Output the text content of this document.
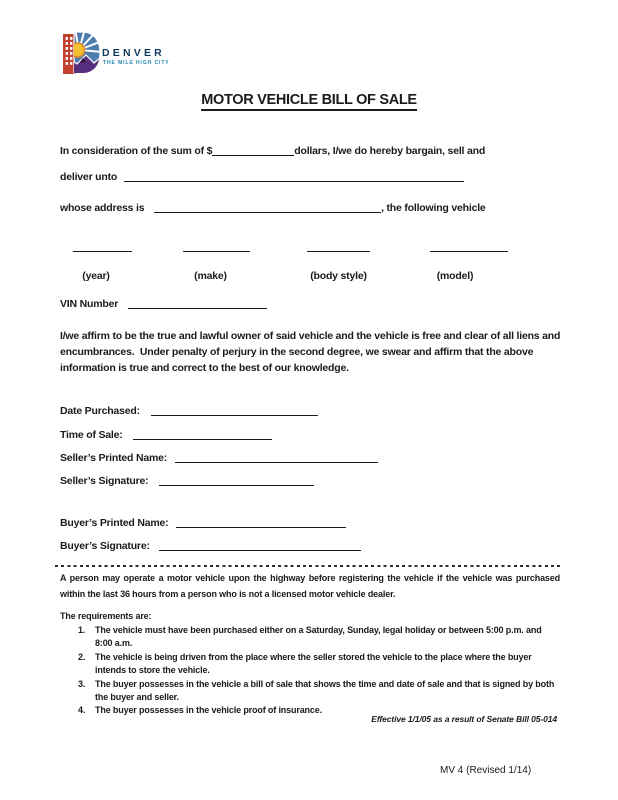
DENVER
THE MILE HIGH CITY
MOTOR VEHICLE BILL OF SALE
In consideration of the sum of $	dollars, I/we do hereby bargain, sell and
deliver unto
whose address is	, the following vehicle
(year)	(make)	(body style)	(model)
VIN Number
I/we affirm to be the true and lawful owner of said vehicle and the vehicle is free and clear of all liens and encumbrances.  Under penalty of perjury in the second degree, we swear and affirm that the above information is true and correct to the best of our knowledge.
Date Purchased:
Time of Sale:
Seller’s Printed Name:
Seller’s Signature:
Buyer’s Printed Name:
Buyer’s Signature:
A person may operate a motor vehicle upon the highway before registering the vehicle if the vehicle was purchased within the last 36 hours from a person who is not a licensed motor vehicle dealer.
The requirements are:
1.	The vehicle must have been purchased either on a Saturday, Sunday, legal holiday or between 5:00 p.m. and 8:00 a.m.
2.	The vehicle is being driven from the place where the seller stored the vehicle to the place where the buyer intends to store the vehicle.
3.	The buyer possesses in the vehicle a bill of sale that shows the time and date of sale and that is signed by both the buyer and seller.
4.	The buyer possesses in the vehicle proof of insurance.
Effective 1/1/05 as a result of Senate Bill 05-014
MV 4 (Revised 1/14)
